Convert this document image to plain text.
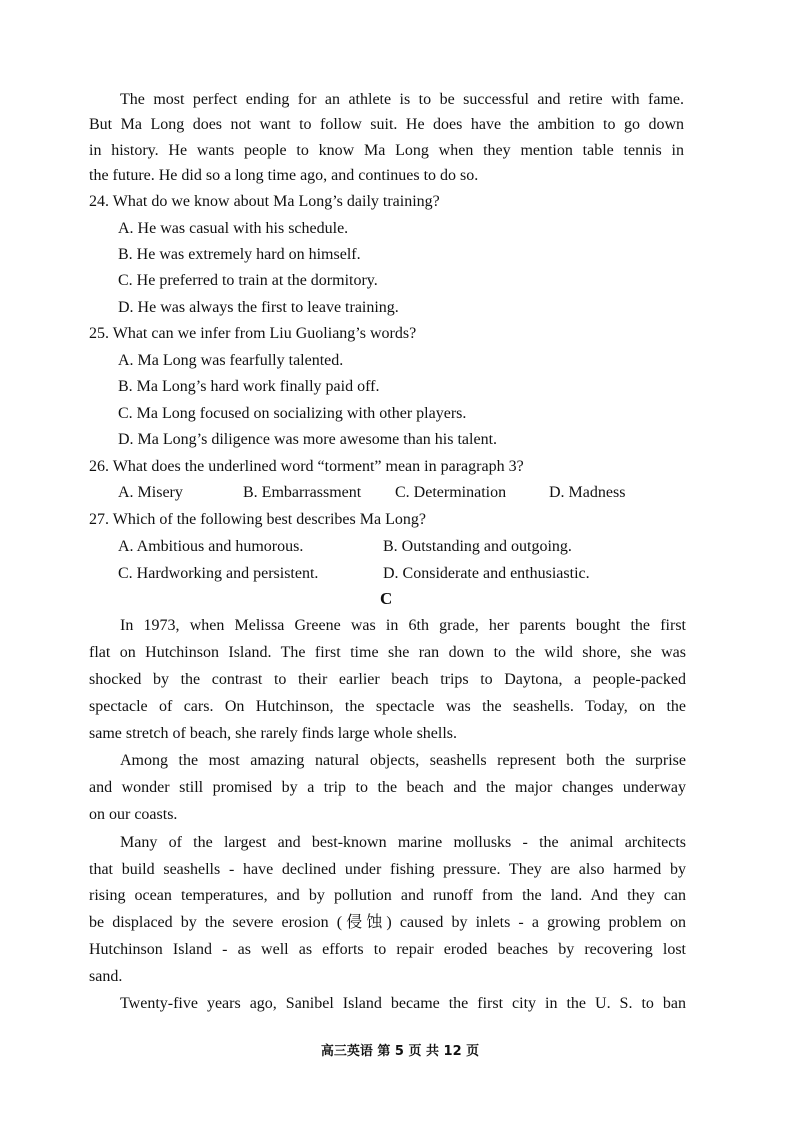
The most perfect ending for an athlete is to be successful and retire with fame.
But Ma Long does not want to follow suit. He does have the ambition to go down
in history. He wants people to know Ma Long when they mention table tennis in
the future. He did so a long time ago, and continues to do so.
24. What do we know about Ma Long’s daily training?
A. He was casual with his schedule.
B. He was extremely hard on himself.
C. He preferred to train at the dormitory.
D. He was always the first to leave training.
25. What can we infer from Liu Guoliang’s words?
A. Ma Long was fearfully talented.
B. Ma Long’s hard work finally paid off.
C. Ma Long focused on socializing with other players.
D. Ma Long’s diligence was more awesome than his talent.
26. What does the underlined word “torment” mean in paragraph 3?
A. Misery	B. Embarrassment C. Determination	D. Madness
27. Which of the following best describes Ma Long?
A. Ambitious and humorous.	B. Outstanding and outgoing.
C. Hardworking and persistent.	D. Considerate and enthusiastic.
C
In 1973, when Melissa Greene was in 6th grade, her parents bought the first
flat on Hutchinson Island. The first time she ran down to the wild shore, she was
shocked by the contrast to their earlier beach trips to Daytona, a people-packed
spectacle of cars. On Hutchinson, the spectacle was the seashells. Today, on the
same stretch of beach, she rarely finds large whole shells.
Among the most amazing natural objects, seashells represent both the surprise
and wonder still promised by a trip to the beach and the major changes underway
on our coasts.
Many of the largest and best-known marine mollusks - the animal architects
that build seashells - have declined under fishing pressure. They are also harmed by
rising ocean temperatures, and by pollution and runoff from the land. And they can
be displaced by the severe erosion (侵蚀) caused by inlets - a growing problem on
Hutchinson Island - as well as efforts to repair eroded beaches by recovering lost
sand.
Twenty-five years ago, Sanibel Island became the first city in the U. S. to ban
高三英语 第 5 页 共 12 页
